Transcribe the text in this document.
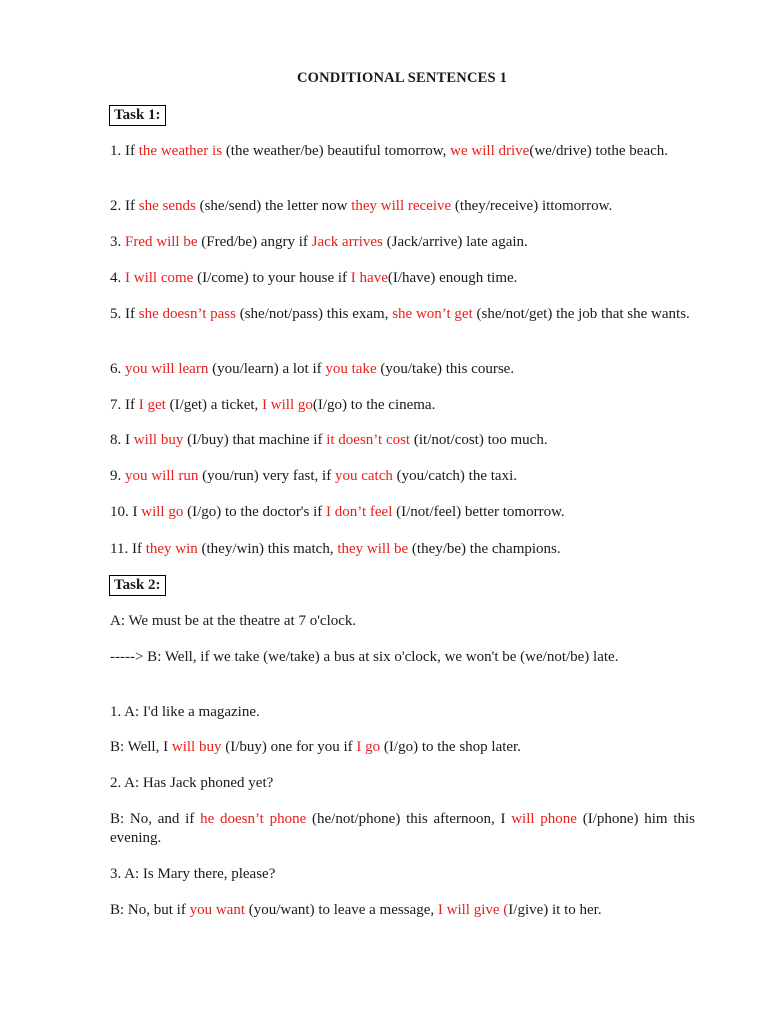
CONDITIONAL SENTENCES 1
Task 1:

1. If the weather is (the weather/be) beautiful tomorrow, we will drive(we/drive) tothe beach.

2. If she sends (she/send) the letter now they will receive (they/receive) ittomorrow.

3. Fred will be (Fred/be) angry if Jack arrives (Jack/arrive) late again.

4. I will come (I/come) to your house if I have(I/have) enough time.

5. If she doesn’t pass (she/not/pass) this exam, she won’t get (she/not/get) the job that she wants.

6. you will learn (you/learn) a lot if you take (you/take) this course.

7. If I get (I/get) a ticket, I will go(I/go) to the cinema.

8. I will buy (I/buy) that machine if it doesn’t cost (it/not/cost) too much.

9. you will run (you/run) very fast, if you catch (you/catch) the taxi.

10. I will go (I/go) to the doctor's if I don’t feel (I/not/feel) better tomorrow.

11. If they win (they/win) this match, they will be (they/be) the champions.

Task 2:

A: We must be at the theatre at 7 o'clock.

-----> B: Well, if we take (we/take) a bus at six o'clock, we won't be (we/not/be) late.

1. A: I'd like a magazine.

B: Well, I will buy (I/buy) one for you if I go (I/go) to the shop later.

2. A: Has Jack phoned yet?

B: No, and if he doesn’t phone (he/not/phone) this afternoon, I will phone (I/phone) him this evening.

3. A: Is Mary there, please?

B: No, but if you want (you/want) to leave a message, I will give (I/give) it to her.
